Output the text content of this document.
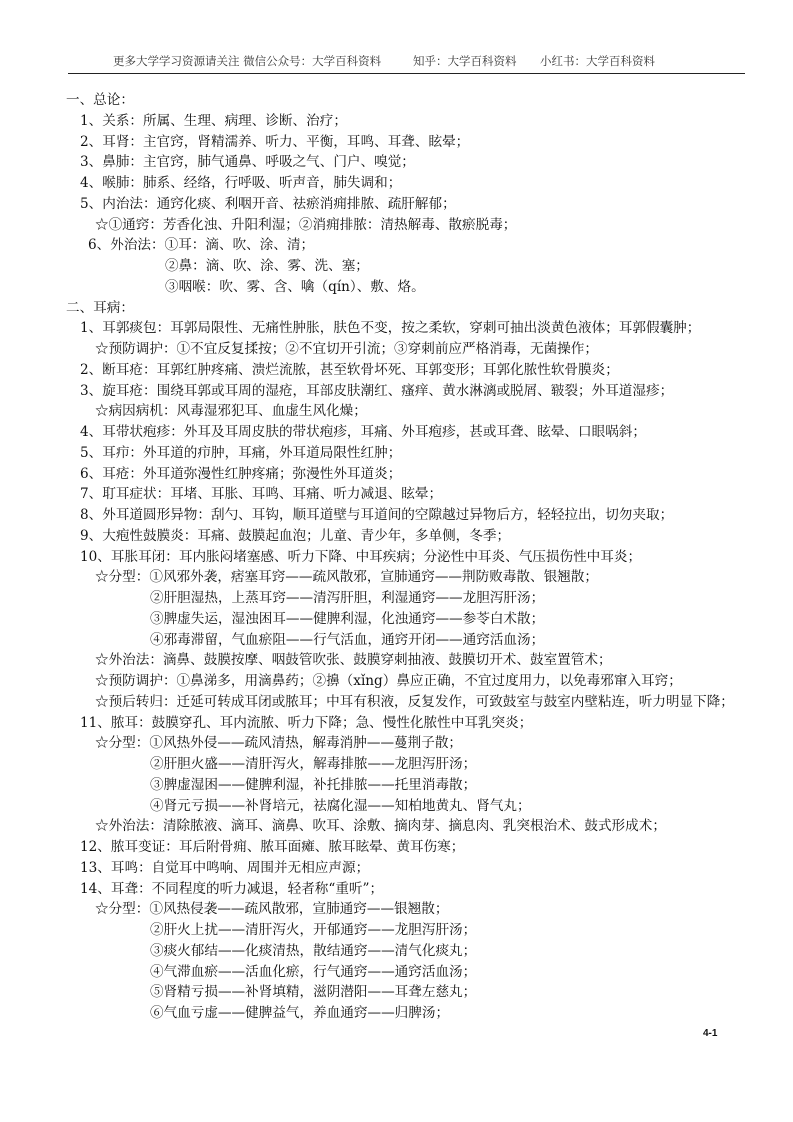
更多大学学习资源请关注 微信公众号：大学百科资料	知乎：大学百科资料 小红书：大学百科资料
一、总论：
1、关系：所属、生理、病理、诊断、治疗；
2、耳肾：主官窍，肾精濡养、听力、平衡，耳鸣、耳聋、眩晕；
3、鼻肺：主官窍，肺气通鼻、呼吸之气、门户、嗅觉；
4、喉肺：肺系、经络，行呼吸、听声音，肺失调和；
5、内治法：通窍化痰、利咽开音、祛瘀消痈排脓、疏肝解郁；
☆①通窍：芳香化浊、升阳利湿；②消痈排脓：清热解毒、散瘀脱毒；
6、外治法：①耳：滴、吹、涂、清；
②鼻：滴、吹、涂、雾、洗、塞；
③咽喉：吹、雾、含、噙（qín）、敷、烙。
二、耳病：
1、耳郭痰包：耳郭局限性、无痛性肿胀，肤色不变，按之柔软，穿刺可抽出淡黄色液体；耳郭假囊肿；
☆预防调护：①不宜反复揉按；②不宜切开引流；③穿刺前应严格消毒，无菌操作；
2、断耳疮：耳郭红肿疼痛、溃烂流脓，甚至软骨坏死、耳郭变形；耳郭化脓性软骨膜炎；
3、旋耳疮：围绕耳郭或耳周的湿疮，耳部皮肤潮红、瘙痒、黄水淋漓或脱屑、皲裂；外耳道湿疹；
☆病因病机：风毒湿邪犯耳、血虚生风化燥；
4、耳带状疱疹：外耳及耳周皮肤的带状疱疹，耳痛、外耳疱疹，甚或耳聋、眩晕、口眼㖞斜；
5、耳疖：外耳道的疖肿，耳痛，外耳道局限性红肿；
6、耳疮：外耳道弥漫性红肿疼痛；弥漫性外耳道炎；
7、耵耳症状：耳堵、耳胀、耳鸣、耳痛、听力减退、眩晕；
8、外耳道圆形异物：刮勺、耳钩，顺耳道壁与耳道间的空隙越过异物后方，轻轻拉出，切勿夹取；
9、大疱性鼓膜炎：耳痛、鼓膜起血泡；儿童、青少年，多单侧，冬季；
10、耳胀耳闭：耳内胀闷堵塞感、听力下降、中耳疾病；分泌性中耳炎、气压损伤性中耳炎；
☆分型：①风邪外袭，痞塞耳窍——疏风散邪，宣肺通窍——荆防败毒散、银翘散；
②肝胆湿热，上蒸耳窍——清泻肝胆，利湿通窍——龙胆泻肝汤；
③脾虚失运，湿浊困耳——健脾利湿，化浊通窍——参苓白术散；
④邪毒滞留，气血瘀阻——行气活血，通窍开闭——通窍活血汤；
☆外治法：滴鼻、鼓膜按摩、咽鼓管吹张、鼓膜穿刺抽液、鼓膜切开术、鼓室置管术；
☆预防调护：①鼻涕多，用滴鼻药；②擤（xǐng）鼻应正确，不宜过度用力，以免毒邪窜入耳窍；
☆预后转归：迁延可转成耳闭或脓耳；中耳有积液，反复发作，可致鼓室与鼓室内壁粘连，听力明显下降；
11、脓耳：鼓膜穿孔、耳内流脓、听力下降；急、慢性化脓性中耳乳突炎；
☆分型：①风热外侵——疏风清热，解毒消肿——蔓荆子散；
②肝胆火盛——清肝泻火，解毒排脓——龙胆泻肝汤；
③脾虚湿困——健脾利湿，补托排脓——托里消毒散；
④肾元亏损——补肾培元，祛腐化湿——知柏地黄丸、肾气丸；
☆外治法：清除脓液、滴耳、滴鼻、吹耳、涂敷、摘肉芽、摘息肉、乳突根治术、鼓式形成术；
12、脓耳变证：耳后附骨痈、脓耳面瘫、脓耳眩晕、黄耳伤寒；
13、耳鸣：自觉耳中鸣响、周围并无相应声源；
14、耳聋：不同程度的听力减退，轻者称“重听”；
☆分型：①风热侵袭——疏风散邪，宣肺通窍——银翘散；
②肝火上扰——清肝泻火，开郁通窍——龙胆泻肝汤；
③痰火郁结——化痰清热，散结通窍——清气化痰丸；
④气滞血瘀——活血化瘀，行气通窍——通窍活血汤；
⑤肾精亏损——补肾填精，滋阴潜阳——耳聋左慈丸；
⑥气血亏虚——健脾益气，养血通窍——归脾汤；
4-1
